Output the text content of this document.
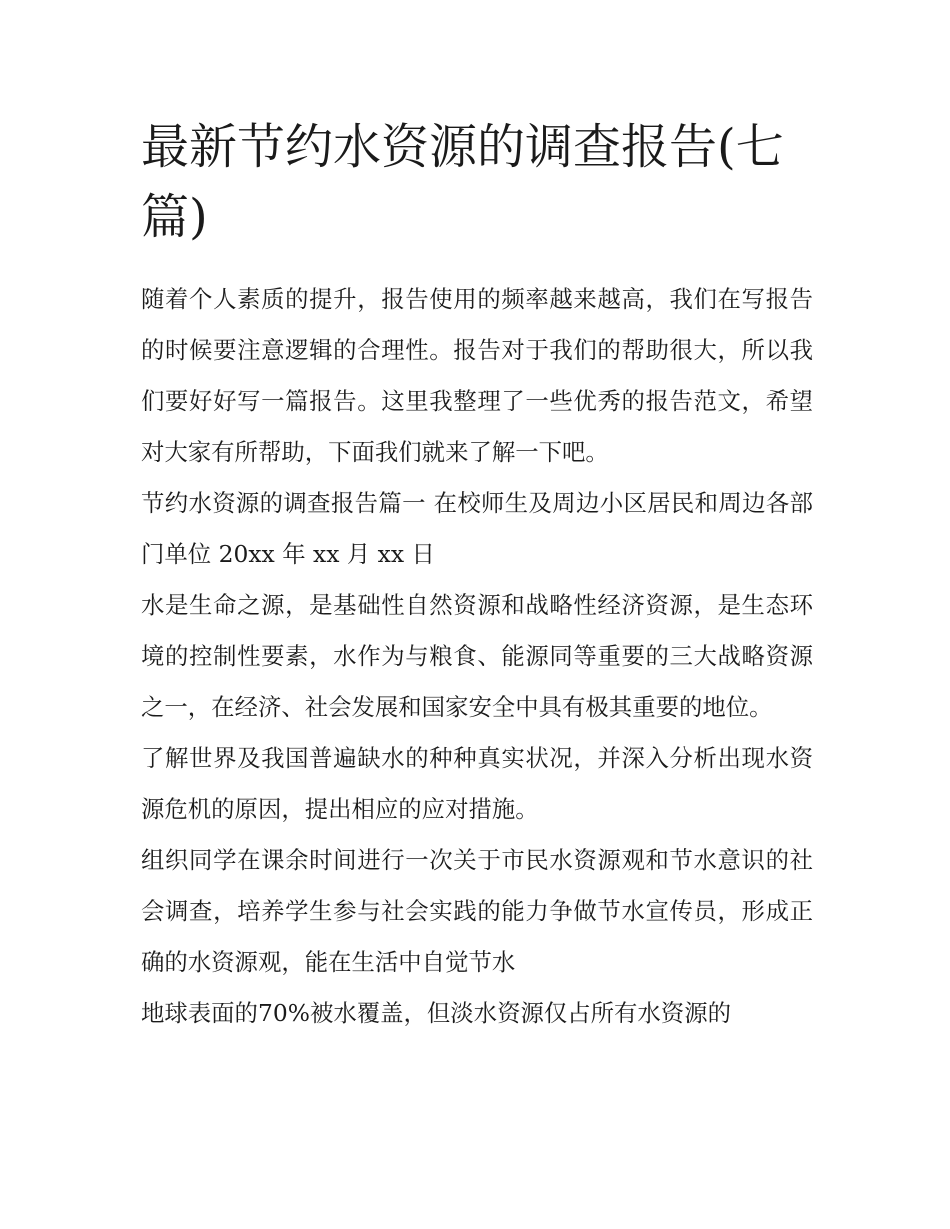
最新节约水资源的调查报告(七篇)

随着个人素质的提升，报告使用的频率越来越高，我们在写报告的时候要注意逻辑的合理性。报告对于我们的帮助很大，所以我们要好好写一篇报告。这里我整理了一些优秀的报告范文，希望对大家有所帮助，下面我们就来了解一下吧。

节约水资源的调查报告篇一 在校师生及周边小区居民和周边各部门单位 20xx 年 xx 月 xx 日

水是生命之源，是基础性自然资源和战略性经济资源，是生态环境的控制性要素，水作为与粮食、能源同等重要的三大战略资源之一，在经济、社会发展和国家安全中具有极其重要的地位。

了解世界及我国普遍缺水的种种真实状况，并深入分析出现水资源危机的原因，提出相应的应对措施。

组织同学在课余时间进行一次关于市民水资源观和节水意识的社会调查，培养学生参与社会实践的能力争做节水宣传员，形成正确的水资源观，能在生活中自觉节水

地球表面的70%被水覆盖，但淡水资源仅占所有水资源的
